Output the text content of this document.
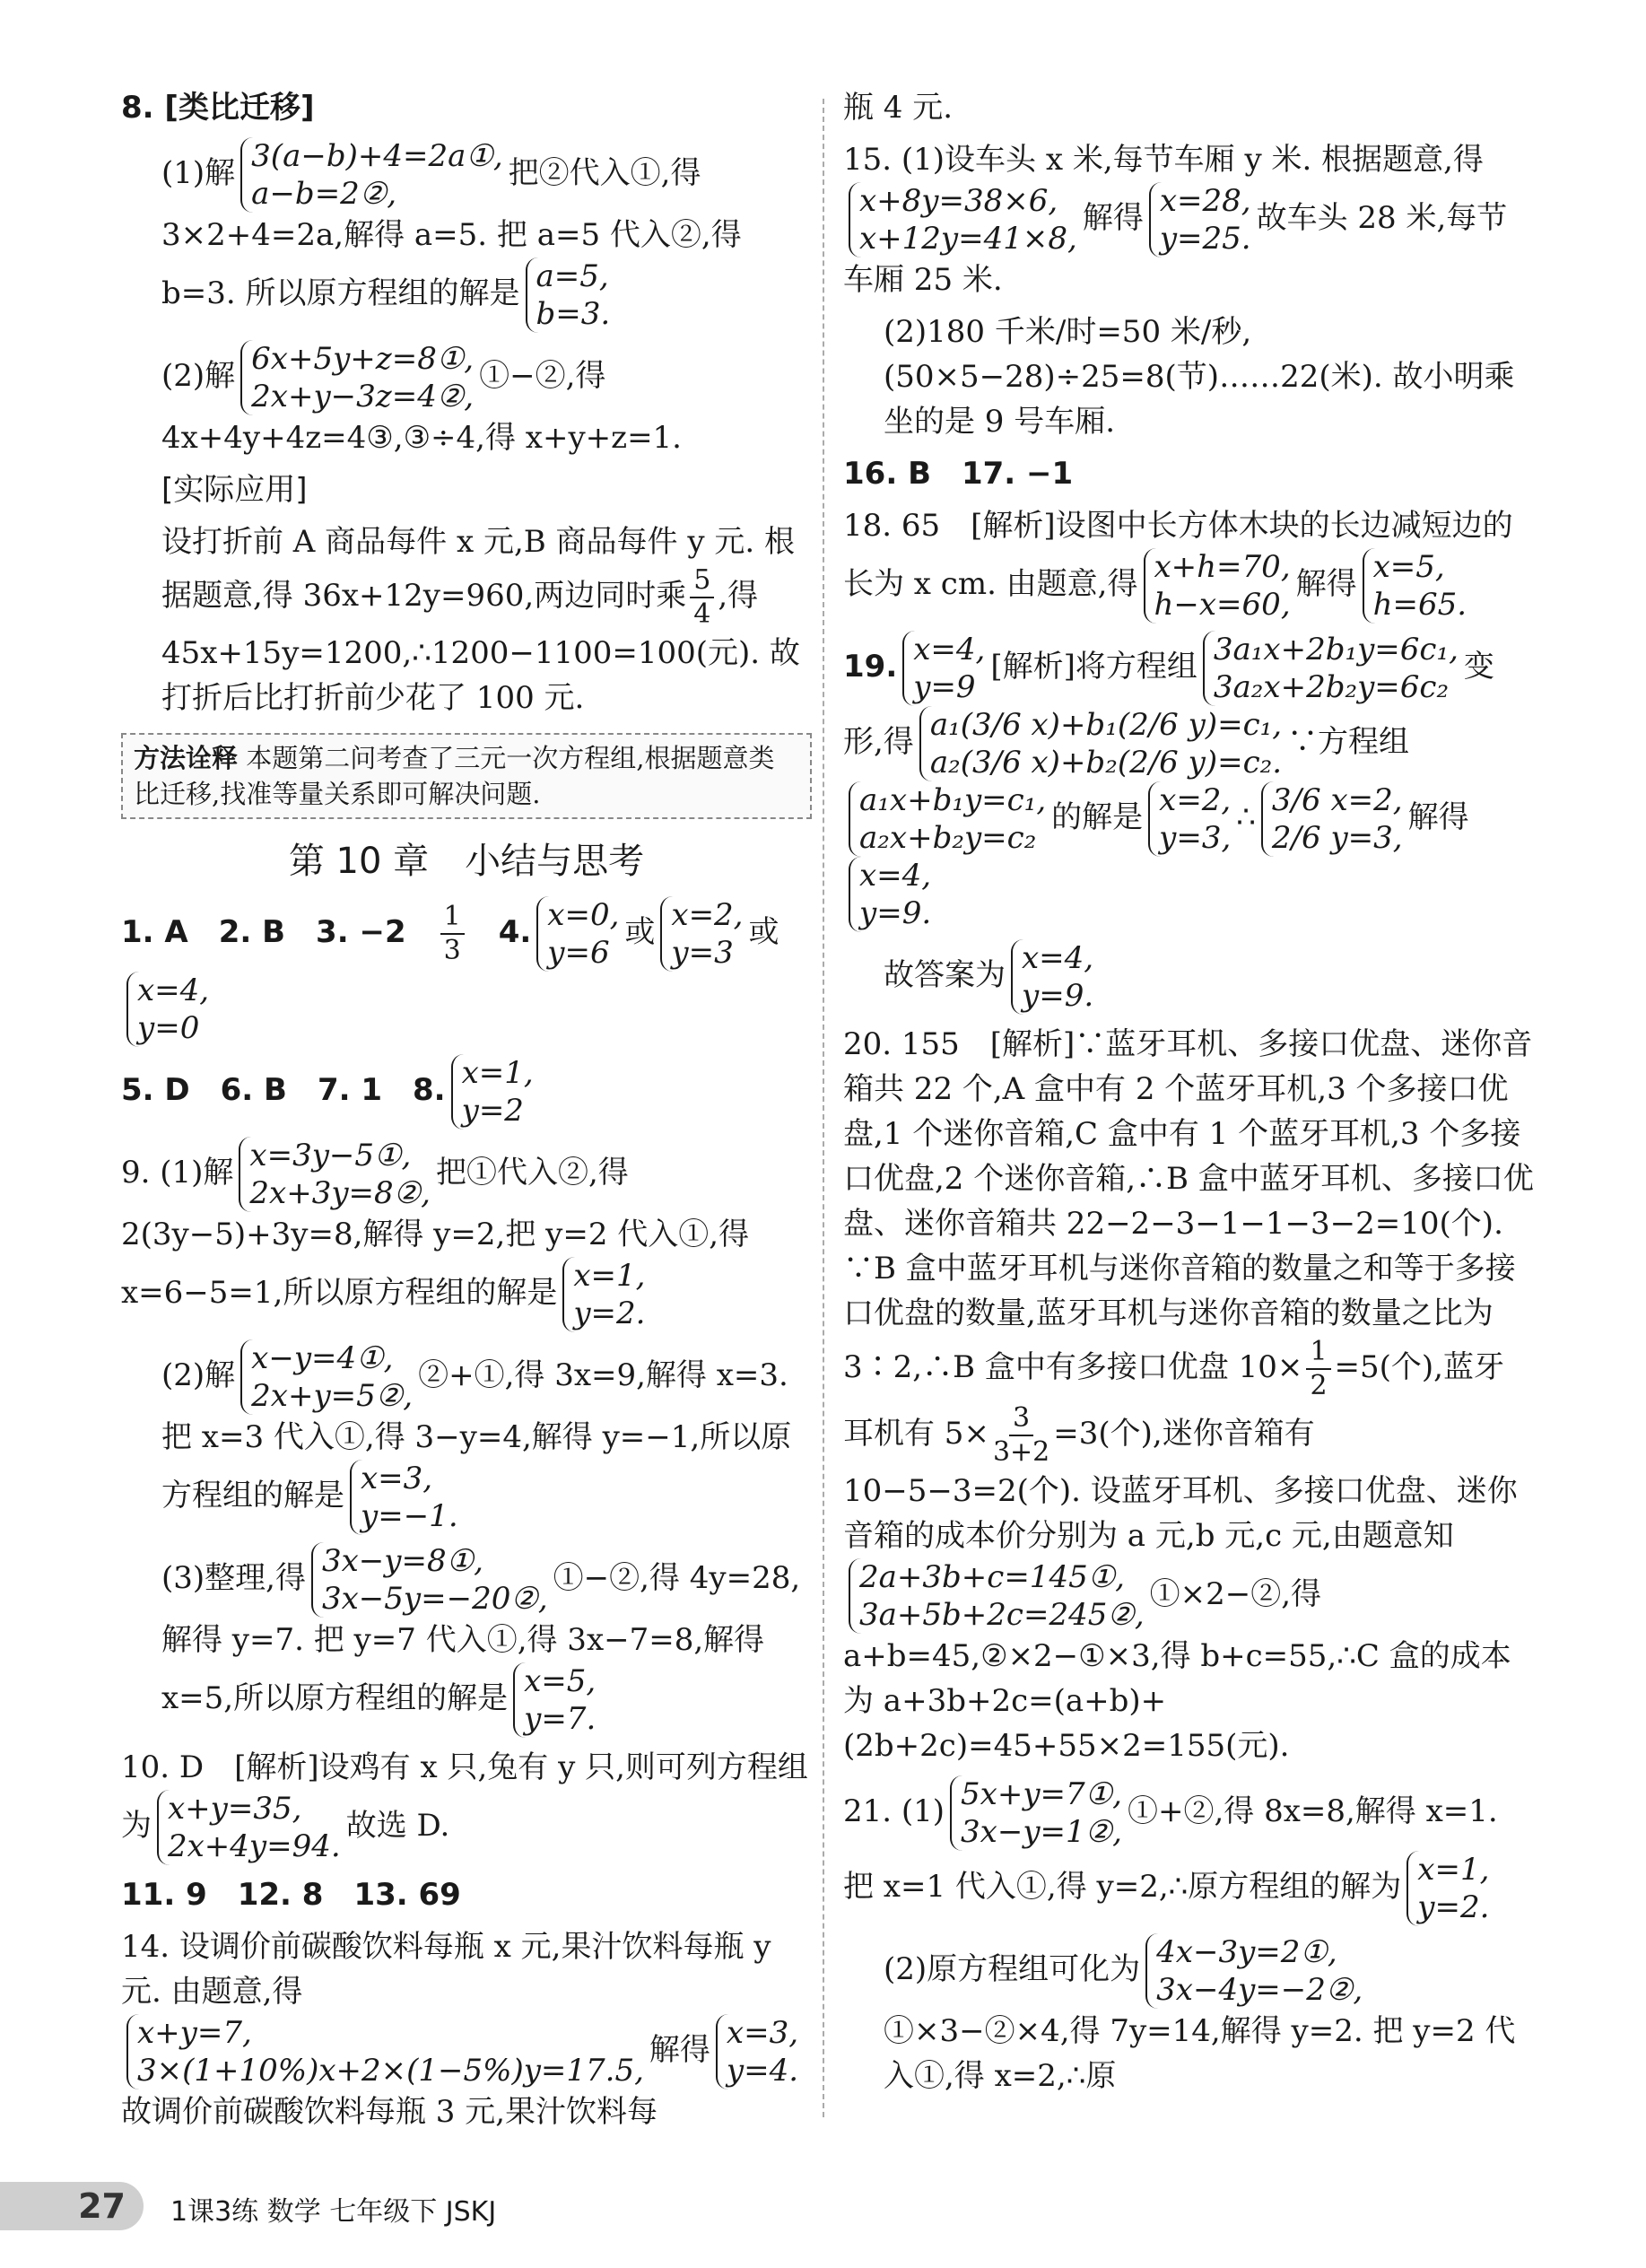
8. [类比迁移]

(1)解 3(a−b)+4=2a①,
a−b=2②,
把②代入①,得 3×2+4=2a,解得 a=5. 把 a=5 代入②,得 b=3. 所以原方程组的解是 a=5,
b=3.

(2)解 6x+5y+z=8①,
2x+y−3z=4②,
①−②,得 4x+4y+4z=4③,③÷4,得 x+y+z=1.

[实际应用]

设打折前 A 商品每件 x 元,B 商品每件 y 元. 根据题意,得 36x+12y=960,两边同时乘 $\frac{5}{4}$ ,得 45x+15y=1200,∴1200−1100=100(元). 故打折后比打折前少花了 100 元.

方法诠释 本题第二问考查了三元一次方程组,根据题意类比迁移,找准等量关系即可解决问题.
第 10 章　小结与思考

1. A　2. B　3. −2　 $\frac{1}{3}$ 　4. x=0,
y=6
或 x=2,
y=3
或
x=4,
y=0

5. D　6. B　7. 1　8. x=1,
y=2

9. (1)解 x=3y−5①,
2x+3y=8②,
把①代入②,得 2(3y−5)+3y=8,解得 y=2,把 y=2 代入①,得 x=6−5=1,所以原方程组的解是 x=1,
y=2.

(2)解 x−y=4①,
2x+y=5②,
②+①,得 3x=9,解得 x=3. 把 x=3 代入①,得 3−y=4,解得 y=−1,所以原方程组的解是 x=3,
y=−1.

(3)整理,得 3x−y=8①,
3x−5y=−20②,
①−②,得 4y=28,解得 y=7. 把 y=7 代入①,得 3x−7=8,解得 x=5,所以原方程组的解是 x=5,
y=7.

10. D　[解析]设鸡有 x 只,兔有 y 只,则可列方程组为 x+y=35,
2x+4y=94.
故选 D.

11. 9　12. 8　13. 69

14. 设调价前碳酸饮料每瓶 x 元,果汁饮料每瓶 y 元. 由题意,得
x+y=7,
3×(1+10%)x+2×(1−5%)y=17.5,
解得 x=3,
y=4.
故调价前碳酸饮料每瓶 3 元,果汁饮料每

瓶 4 元.

15. (1)设车头 x 米,每节车厢 y 米. 根据题意,得
x+8y=38×6,
x+12y=41×8,
解得 x=28,
y=25.
故车头 28 米,每节车厢 25 米.

(2)180 千米/时=50 米/秒,(50×5−28)÷25=8(节)……22(米). 故小明乘坐的是 9 号车厢.

16. B　17. −1

18. 65　[解析]设图中长方体木块的长边减短边的长为 x cm. 由题意,得 x+h=70,
h−x=60,
解得 x=5,
h=65.

19. x=4,
y=9
[解析]将方程组 3a₁x+2b₁y=6c₁,
3a₂x+2b₂y=6c₂
变形,得 a₁(3/6 x)+b₁(2/6 y)=c₁,
a₂(3/6 x)+b₂(2/6 y)=c₂.
∵方程组
a₁x+b₁y=c₁,
a₂x+b₂y=c₂
的解是 x=2,
y=3,
∴ 3/6 x=2,
2/6 y=3,
解得
x=4,
y=9.

故答案为 x=4,
y=9.

20. 155　[解析]∵蓝牙耳机、多接口优盘、迷你音箱共 22 个,A 盒中有 2 个蓝牙耳机,3 个多接口优盘,1 个迷你音箱,C 盒中有 1 个蓝牙耳机,3 个多接口优盘,2 个迷你音箱,∴B 盒中蓝牙耳机、多接口优盘、迷你音箱共 22−2−3−1−1−3−2=10(个). ∵B 盒中蓝牙耳机与迷你音箱的数量之和等于多接口优盘的数量,蓝牙耳机与迷你音箱的数量之比为 3∶2,∴B 盒中有多接口优盘 $10\times \frac{1}{2} =5$(个),蓝牙耳机有 $5\times \frac{3}{3+2} =3$(个),迷你音箱有 10−5−3=2(个). 设蓝牙耳机、多接口优盘、迷你音箱的成本价分别为 a 元,b 元,c 元,由题意知
2a+3b+c=145①,
3a+5b+2c=245②,
①×2−②,得 a+b=45,②×2−①×3,得 b+c=55,∴C 盒的成本为 a+3b+2c=(a+b)+(2b+2c)=45+55×2=155(元).

21. (1) 5x+y=7①,
3x−y=1②,
①+②,得 8x=8,解得 x=1. 把 x=1 代入①,得 y=2,∴原方程组的解为 x=1,
y=2.

(2)原方程组可化为 4x−3y=2①,
3x−4y=−2②,
①×3−②×4,得 7y=14,解得 y=2. 把 y=2 代入①,得 x=2,∴原

27	1课3练 数学 七年级下 JSKJ
